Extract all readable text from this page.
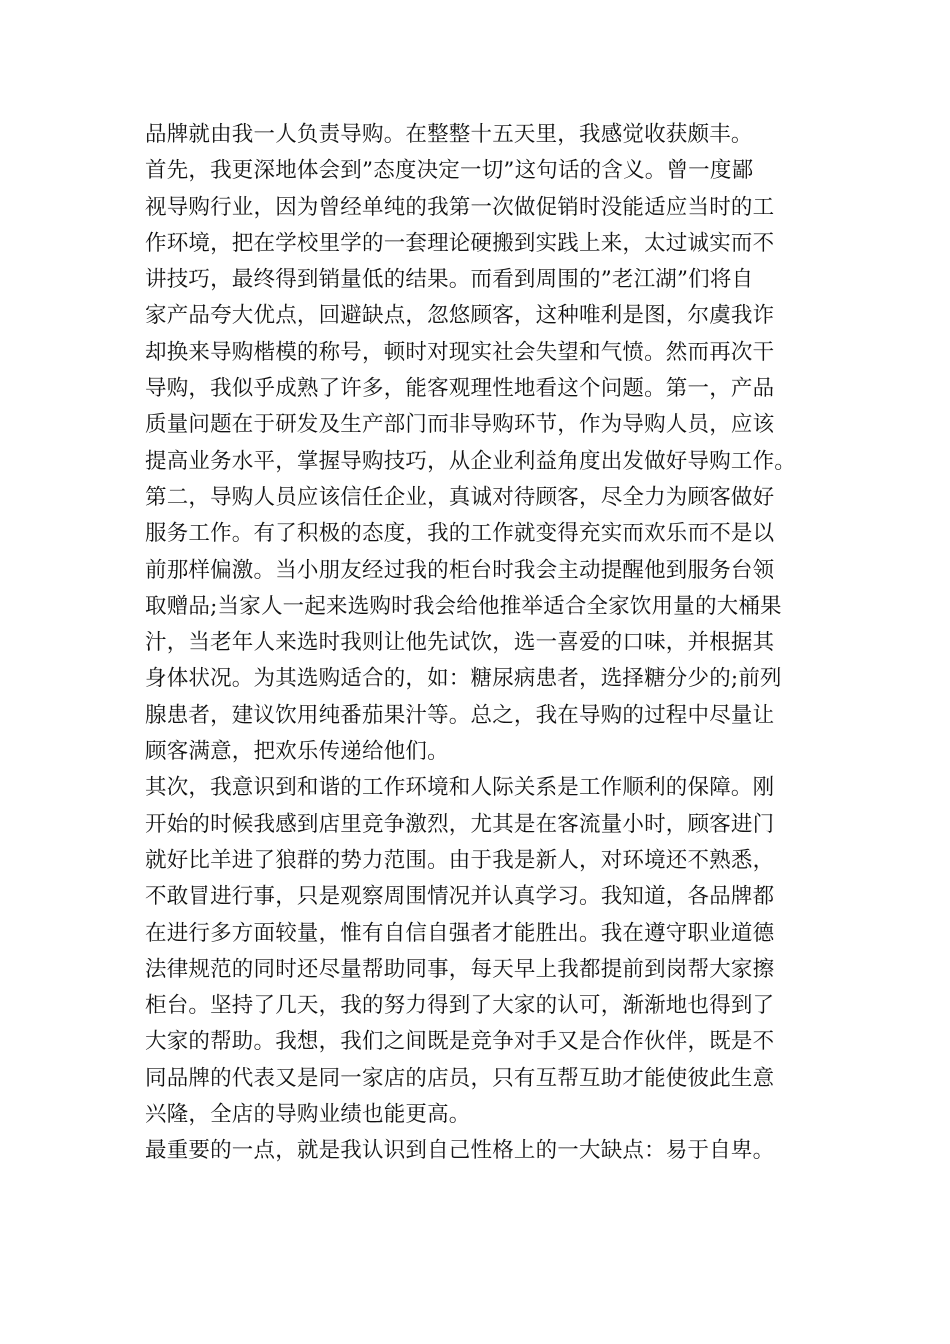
品牌就由我一人负责导购。在整整十五天里，我感觉收获颇丰。
首先，我更深地体会到”态度决定一切”这句话的含义。曾一度鄙
视导购行业，因为曾经单纯的我第一次做促销时没能适应当时的工
作环境，把在学校里学的一套理论硬搬到实践上来，太过诚实而不
讲技巧，最终得到销量低的结果。而看到周围的”老江湖”们将自
家产品夸大优点，回避缺点，忽悠顾客，这种唯利是图，尔虞我诈
却换来导购楷模的称号，顿时对现实社会失望和气愤。然而再次干
导购，我似乎成熟了许多，能客观理性地看这个问题。第一，产品
质量问题在于研发及生产部门而非导购环节，作为导购人员，应该
提高业务水平，掌握导购技巧，从企业利益角度出发做好导购工作。
第二，导购人员应该信任企业，真诚对待顾客，尽全力为顾客做好
服务工作。有了积极的态度，我的工作就变得充实而欢乐而不是以
前那样偏激。当小朋友经过我的柜台时我会主动提醒他到服务台领
取赠品;当家人一起来选购时我会给他推举适合全家饮用量的大桶果
汁，当老年人来选时我则让他先试饮，选一喜爱的口味，并根据其
身体状况。为其选购适合的，如：糖尿病患者，选择糖分少的;前列
腺患者，建议饮用纯番茄果汁等。总之，我在导购的过程中尽量让
顾客满意，把欢乐传递给他们。
其次，我意识到和谐的工作环境和人际关系是工作顺利的保障。刚
开始的时候我感到店里竞争激烈，尤其是在客流量小时，顾客进门
就好比羊进了狼群的势力范围。由于我是新人，对环境还不熟悉，
不敢冒进行事，只是观察周围情况并认真学习。我知道，各品牌都
在进行多方面较量，惟有自信自强者才能胜出。我在遵守职业道德
法律规范的同时还尽量帮助同事，每天早上我都提前到岗帮大家擦
柜台。坚持了几天，我的努力得到了大家的认可，渐渐地也得到了
大家的帮助。我想，我们之间既是竞争对手又是合作伙伴，既是不
同品牌的代表又是同一家店的店员，只有互帮互助才能使彼此生意
兴隆，全店的导购业绩也能更高。
最重要的一点，就是我认识到自己性格上的一大缺点：易于自卑。
